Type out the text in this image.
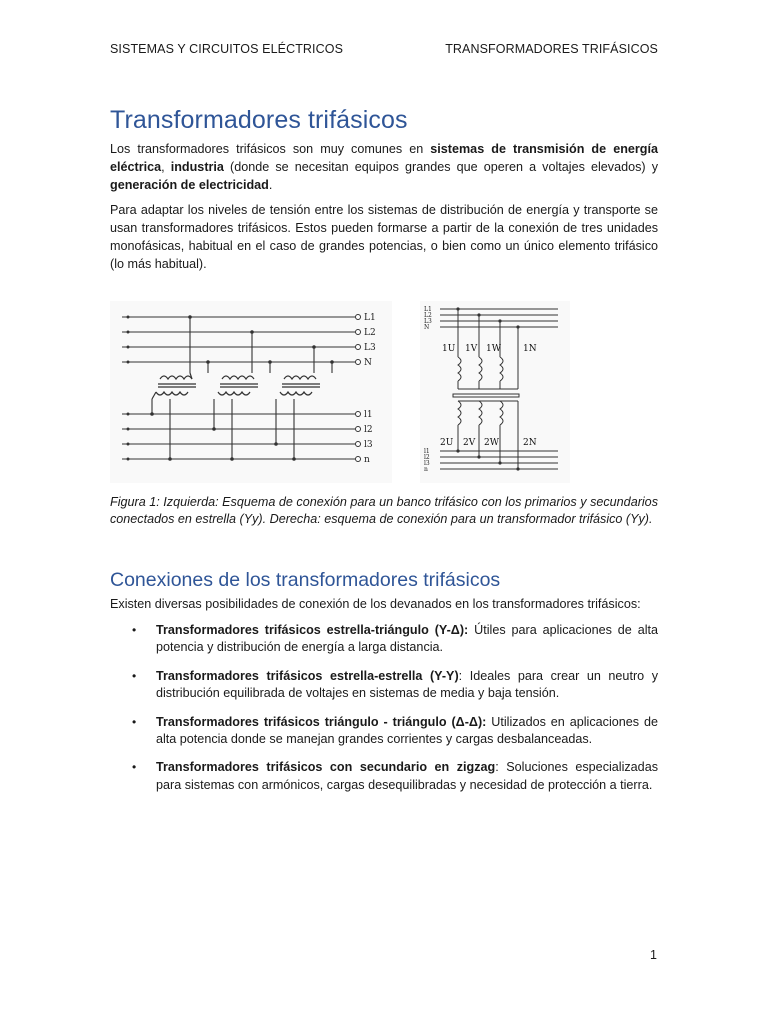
SISTEMAS Y CIRCUITOS ELÉCTRICOS	TRANSFORMADORES TRIFÁSICOS
Transformadores trifásicos

Los transformadores trifásicos son muy comunes en sistemas de transmisión de energía eléctrica, industria (donde se necesitan equipos grandes que operen a voltajes elevados) y generación de electricidad.

Para adaptar los niveles de tensión entre los sistemas de distribución de energía y transporte se usan transformadores trifásicos. Estos pueden formarse a partir de la conexión de tres unidades monofásicas, habitual en el caso de grandes potencias, o bien como un único elemento trifásico (lo más habitual).

L1
L2
L3
N
l1
l2
l3
n
L1
L2
L3
N
l1
l2
l3
n
1U 1V 1W 1N
2U 2V 2W	2N

Figura 1: Izquierda: Esquema de conexión para un banco trifásico con los primarios y secundarios conectados en estrella (Yy). Derecha: esquema de conexión para un transformador trifásico (Yy).

Conexiones de los transformadores trifásicos

Existen diversas posibilidades de conexión de los devanados en los transformadores trifásicos:

• Transformadores trifásicos estrella-triángulo (Y-Δ): Útiles para aplicaciones de alta potencia y distribución de energía a larga distancia.
• Transformadores trifásicos estrella-estrella (Y-Y): Ideales para crear un neutro y distribución equilibrada de voltajes en sistemas de media y baja tensión.
• Transformadores trifásicos triángulo - triángulo (Δ-Δ): Utilizados en aplicaciones de alta potencia donde se manejan grandes corrientes y cargas desbalanceadas.
• Transformadores trifásicos con secundario en zigzag: Soluciones especializadas para sistemas con armónicos, cargas desequilibradas y necesidad de protección a tierra.
1
